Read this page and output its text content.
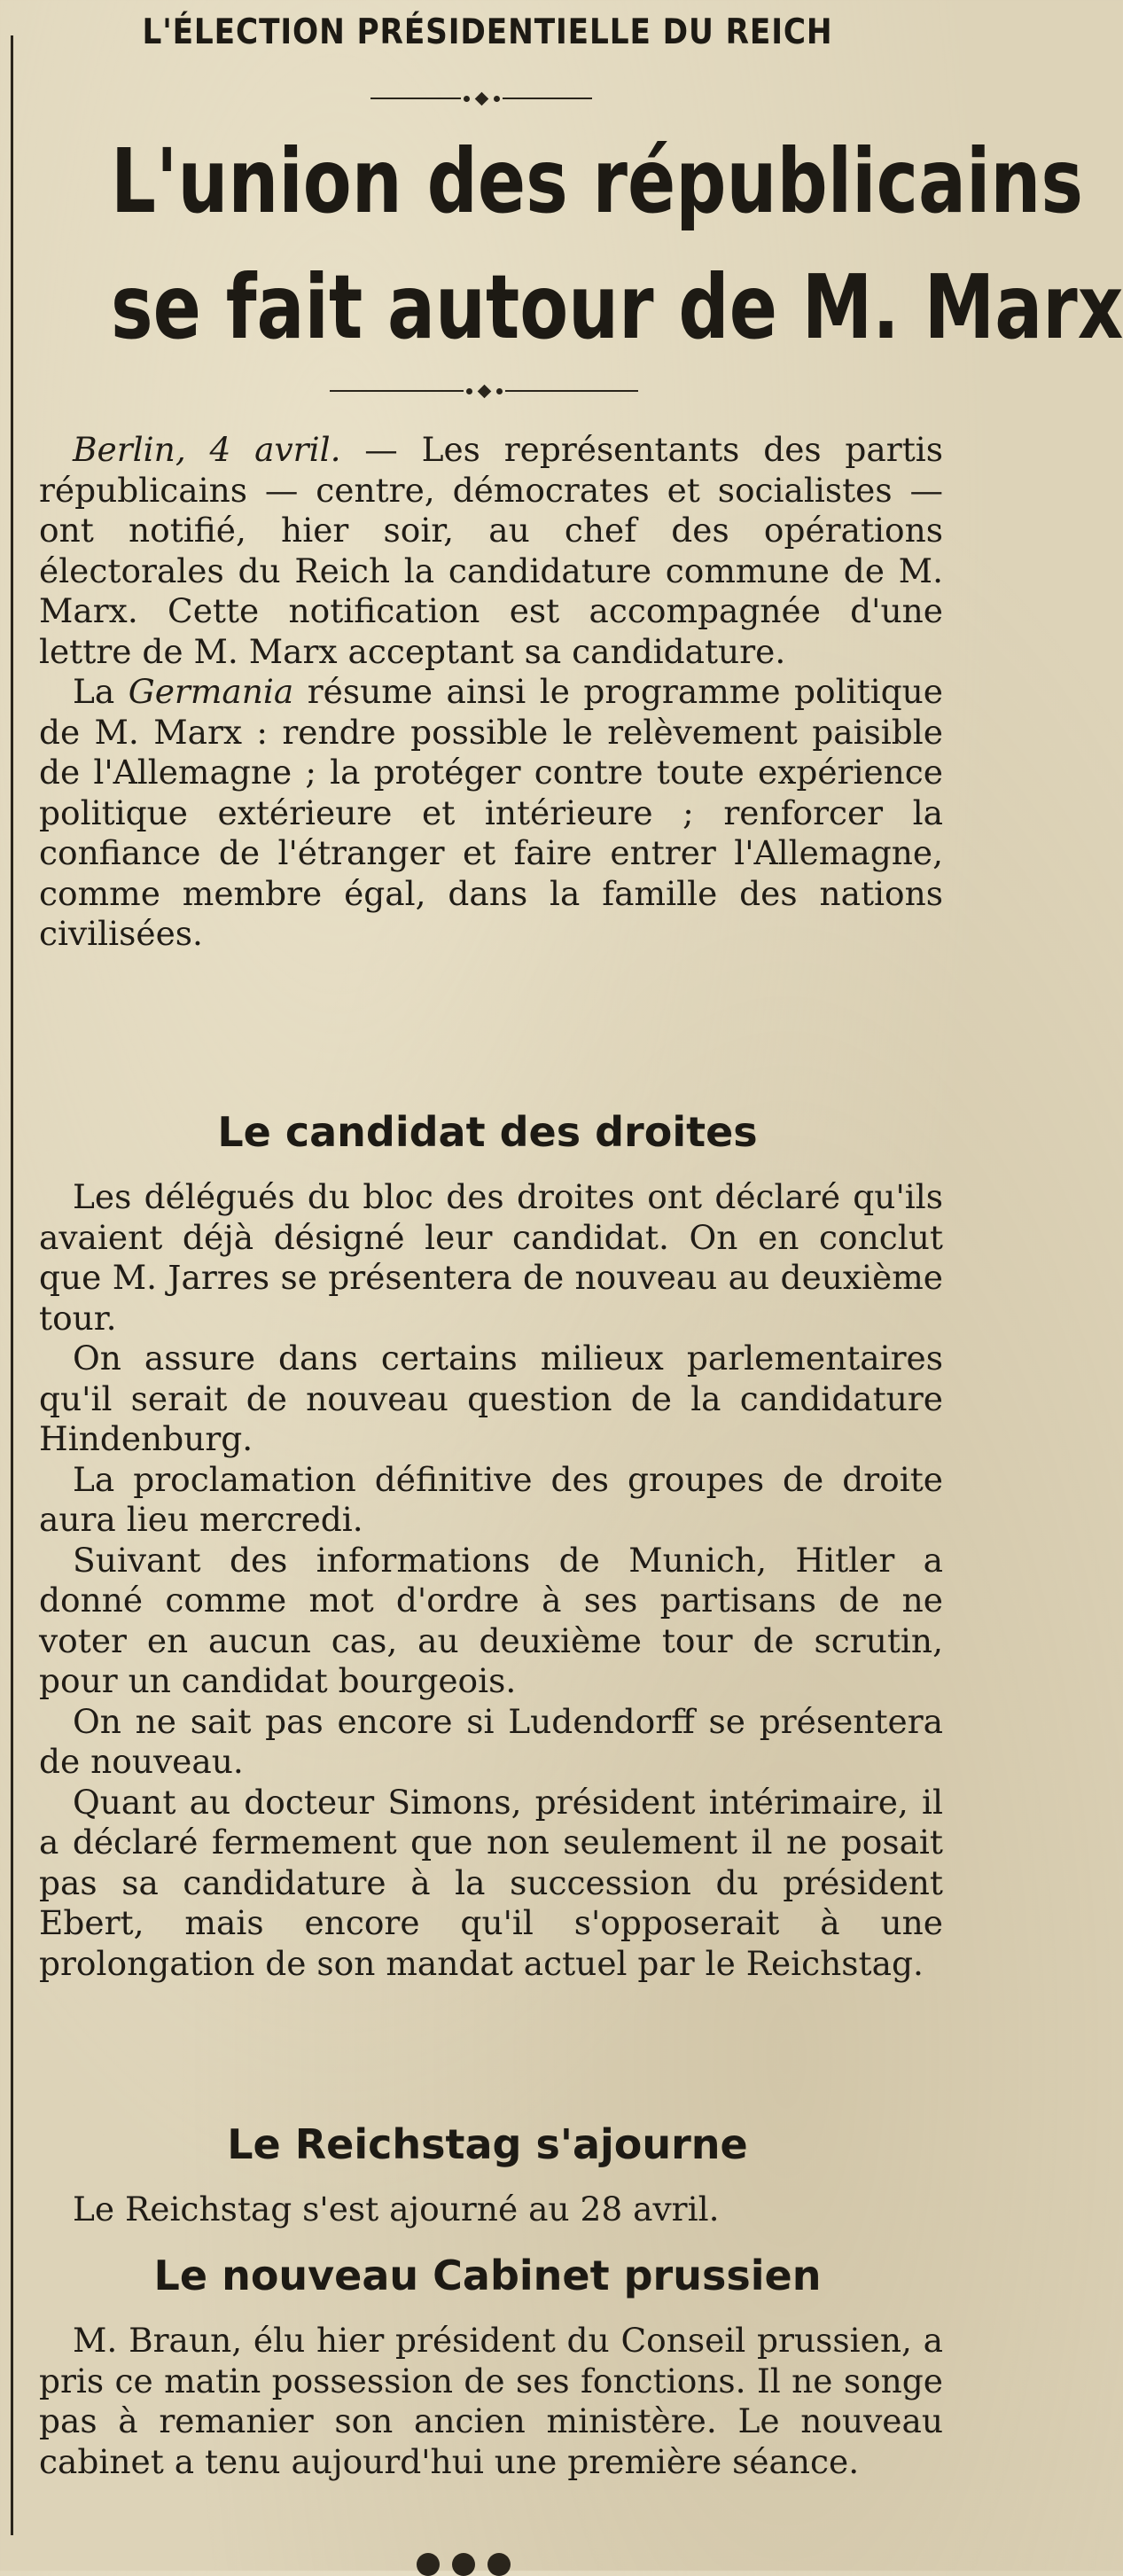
L'ÉLECTION PRÉSIDENTIELLE DU REICH
L'union des républicains
se fait autour de M. Marx

Berlin, 4 avril. — Les représentants des partis républicains — centre, démocrates et socialistes — ont notifié, hier soir, au chef des opérations électorales du Reich la candidature commune de M. Marx. Cette notification est accompagnée d'une lettre de M. Marx acceptant sa candidature.

La Germania résume ainsi le programme politique de M. Marx : rendre possible le relèvement paisible de l'Allemagne ; la protéger contre toute expérience politique extérieure et intérieure ; renforcer la confiance de l'étranger et faire entrer l'Allemagne, comme membre égal, dans la famille des nations civilisées.

Le candidat des droites

Les délégués du bloc des droites ont déclaré qu'ils avaient déjà désigné leur candidat. On en conclut que M. Jarres se présentera de nouveau au deuxième tour.

On assure dans certains milieux parlementaires qu'il serait de nouveau question de la candidature Hindenburg.

La proclamation définitive des groupes de droite aura lieu mercredi.

Suivant des informations de Munich, Hitler a donné comme mot d'ordre à ses partisans de ne voter en aucun cas, au deuxième tour de scrutin, pour un candidat bourgeois.

On ne sait pas encore si Ludendorff se présentera de nouveau.

Quant au docteur Simons, président intérimaire, il a déclaré fermement que non seulement il ne posait pas sa candidature à la succession du président Ebert, mais encore qu'il s'opposerait à une prolongation de son mandat actuel par le Reichstag.

Le Reichstag s'ajourne

Le Reichstag s'est ajourné au 28 avril.

Le nouveau Cabinet prussien

M. Braun, élu hier président du Conseil prussien, a pris ce matin possession de ses fonctions. Il ne songe pas à remanier son ancien ministère. Le nouveau cabinet a tenu aujourd'hui une première séance.
